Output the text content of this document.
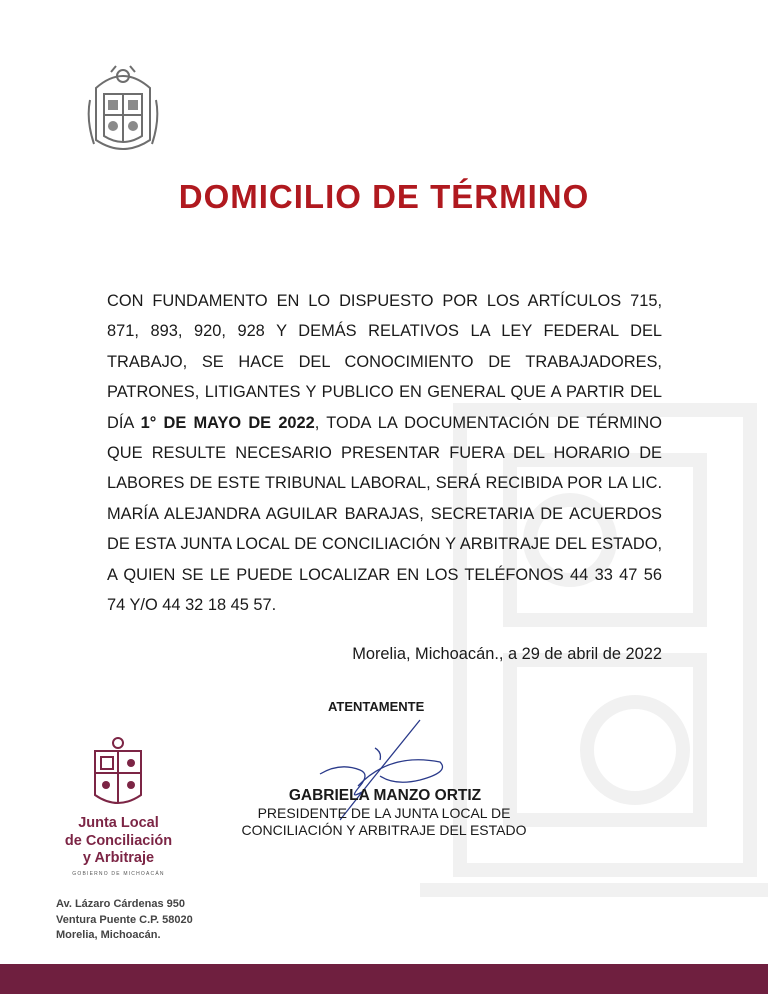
DOMICILIO DE TÉRMINO

CON FUNDAMENTO EN LO DISPUESTO POR LOS ARTÍCULOS 715, 871, 893, 920, 928 Y DEMÁS RELATIVOS LA LEY FEDERAL DEL TRABAJO, SE HACE DEL CONOCIMIENTO DE TRABAJADORES, PATRONES, LITIGANTES Y PUBLICO EN GENERAL QUE A PARTIR DEL DÍA 1° DE MAYO DE 2022, TODA LA DOCUMENTACIÓN DE TÉRMINO QUE RESULTE NECESARIO PRESENTAR FUERA DEL HORARIO DE LABORES DE ESTE TRIBUNAL LABORAL, SERÁ RECIBIDA POR LA LIC. MARÍA ALEJANDRA AGUILAR BARAJAS, SECRETARIA DE ACUERDOS DE ESTA JUNTA LOCAL DE CONCILIACIÓN Y ARBITRAJE DEL ESTADO, A QUIEN SE LE PUEDE LOCALIZAR EN LOS TELÉFONOS 44 33 47 56 74 Y/O 44 32 18 45 57.

Morelia, Michoacán., a 29 de abril de 2022
ATENTAMENTE
GABRIELA MANZO ORTIZ
PRESIDENTE DE LA JUNTA LOCAL DE
CONCILIACIÓN Y ARBITRAJE DEL ESTADO
Junta Local
de Conciliación
y Arbitraje
GOBIERNO DE MICHOACÁN
Av. Lázaro Cárdenas 950
Ventura Puente C.P. 58020
Morelia, Michoacán.
